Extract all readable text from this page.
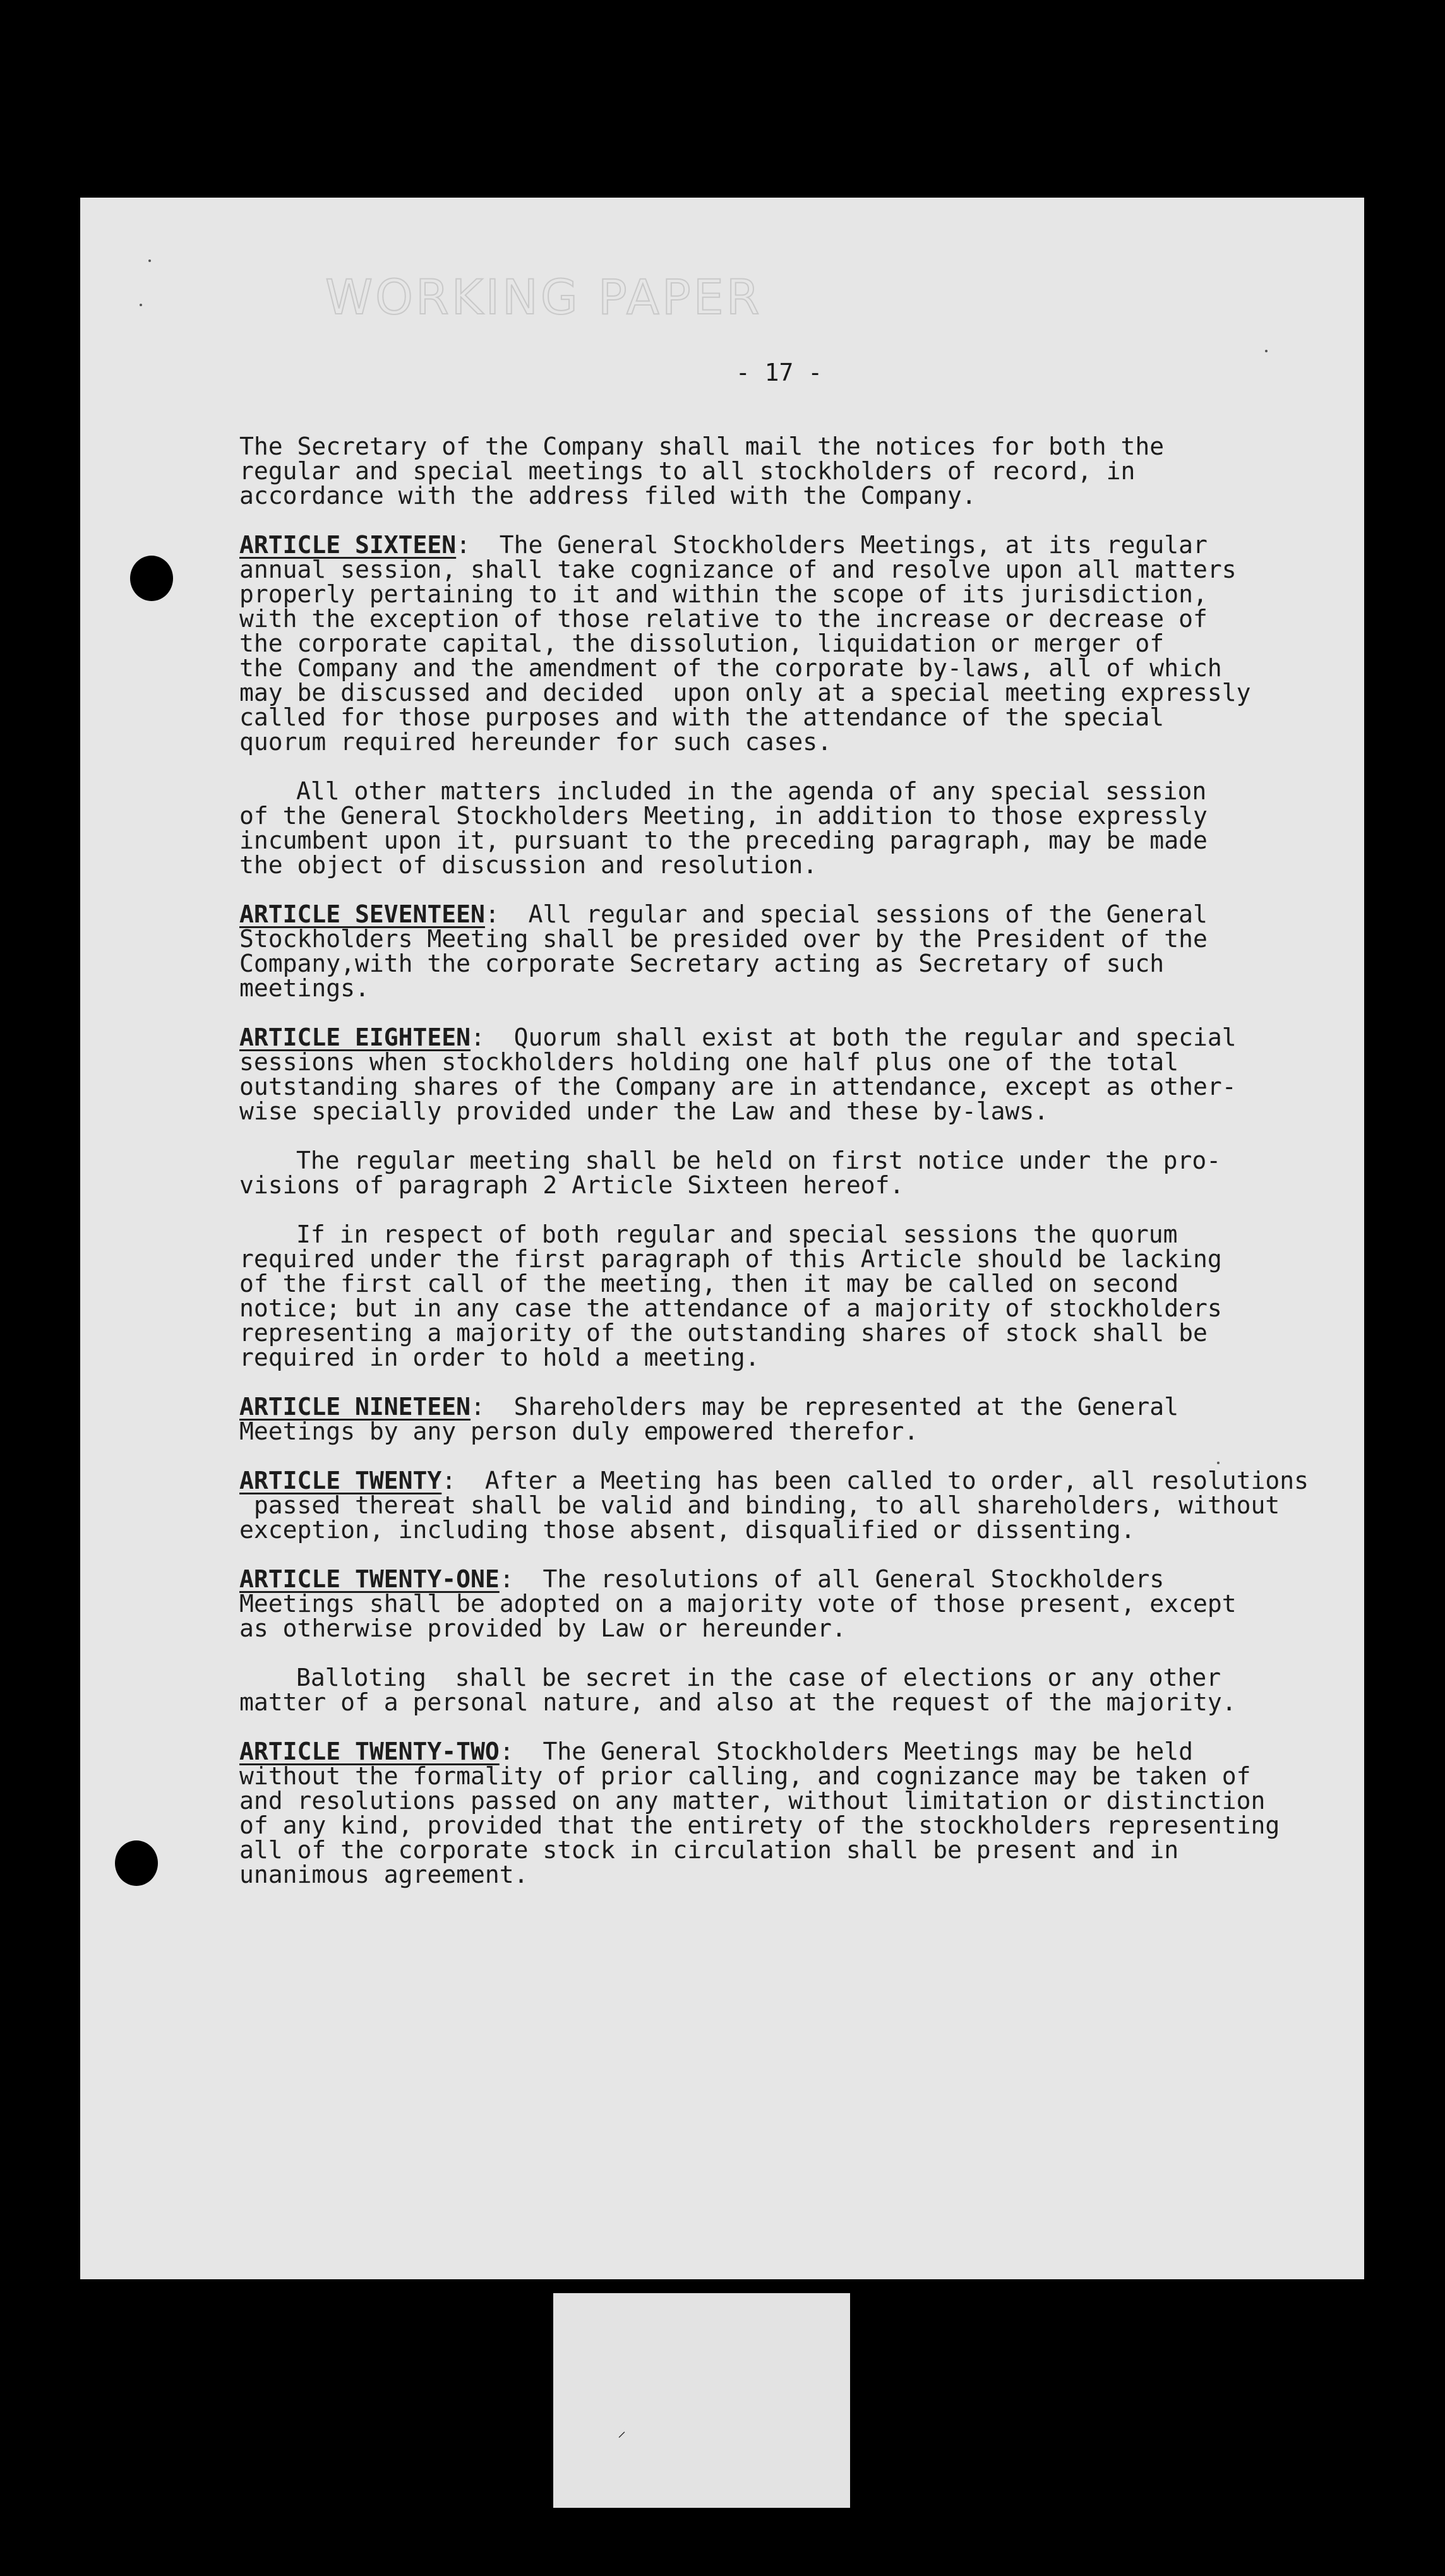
WORKING PAPER
- 17 -
The Secretary of the Company shall mail the notices for both the
regular and special meetings to all stockholders of record, in
accordance with the address filed with the Company.
ARTICLE SIXTEEN:  The General Stockholders Meetings, at its regular
annual session, shall take cognizance of and resolve upon all matters
properly pertaining to it and within the scope of its jurisdiction,
with the exception of those relative to the increase or decrease of
the corporate capital, the dissolution, liquidation or merger of
the Company and the amendment of the corporate by-laws, all of which
may be discussed and decided  upon only at a special meeting expressly
called for those purposes and with the attendance of the special
quorum required hereunder for such cases.
All other matters included in the agenda of any special session
of the General Stockholders Meeting, in addition to those expressly
incumbent upon it, pursuant to the preceding paragraph, may be made
the object of discussion and resolution.
ARTICLE SEVENTEEN:  All regular and special sessions of the General
Stockholders Meeting shall be presided over by the President of the
Company,with the corporate Secretary acting as Secretary of such
meetings.
ARTICLE EIGHTEEN:  Quorum shall exist at both the regular and special
sessions when stockholders holding one half plus one of the total
outstanding shares of the Company are in attendance, except as other-
wise specially provided under the Law and these by-laws.
The regular meeting shall be held on first notice under the pro-
visions of paragraph 2 Article Sixteen hereof.
If in respect of both regular and special sessions the quorum
required under the first paragraph of this Article should be lacking
of the first call of the meeting, then it may be called on second
notice; but in any case the attendance of a majority of stockholders
representing a majority of the outstanding shares of stock shall be
required in order to hold a meeting.
ARTICLE NINETEEN:  Shareholders may be represented at the General
Meetings by any person duly empowered therefor.
ARTICLE TWENTY:  After a Meeting has been called to order, all resolutions
passed thereat shall be valid and binding, to all shareholders, without
exception, including those absent, disqualified or dissenting.
ARTICLE TWENTY-ONE:  The resolutions of all General Stockholders
Meetings shall be adopted on a majority vote of those present, except
as otherwise provided by Law or hereunder.
Balloting  shall be secret in the case of elections or any other
matter of a personal nature, and also at the request of the majority.
ARTICLE TWENTY-TWO:  The General Stockholders Meetings may be held
without the formality of prior calling, and cognizance may be taken of
and resolutions passed on any matter, without limitation or distinction
of any kind, provided that the entirety of the stockholders representing
all of the corporate stock in circulation shall be present and in
unanimous agreement.
⸝
